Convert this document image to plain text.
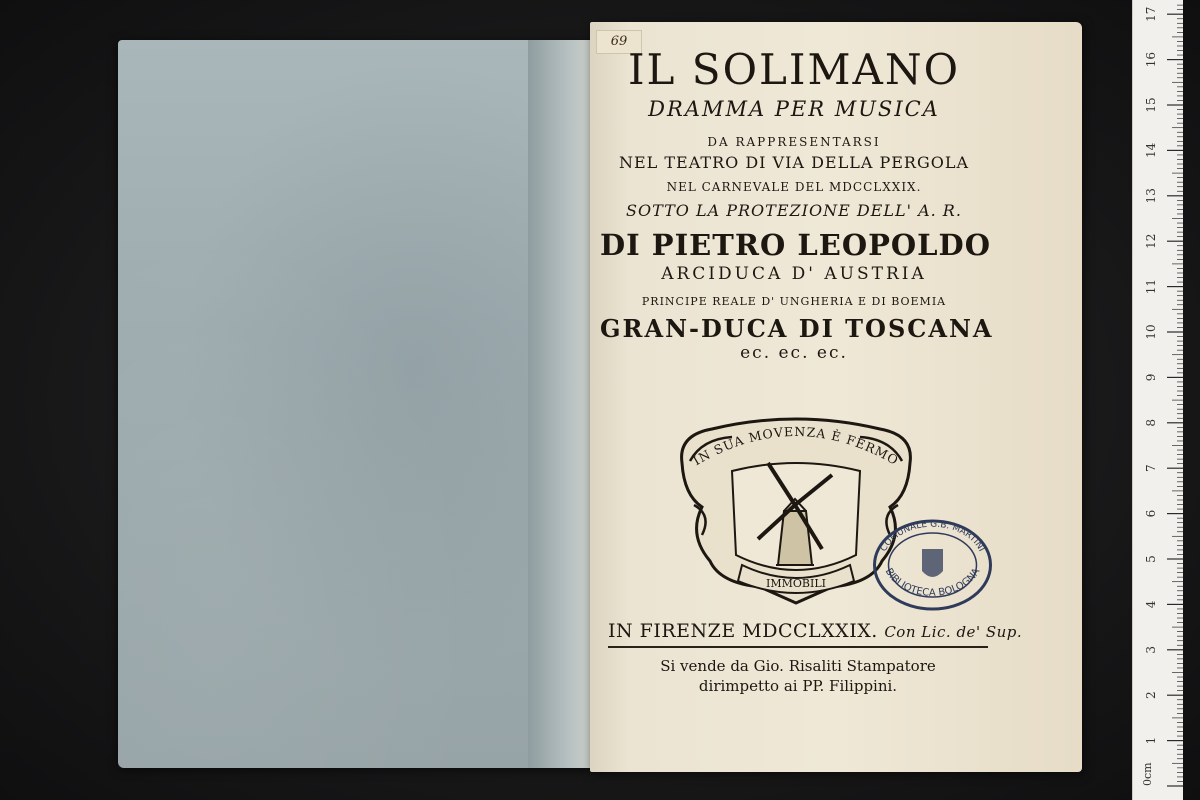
69
IL SOLIMANO
DRAMMA PER MUSICA
DA RAPPRESENTARSI
NEL TEATRO DI VIA DELLA PERGOLA
NEL CARNEVALE DEL MDCCLXXIX.
SOTTO LA PROTEZIONE DELL' A. R.
DI PIETRO LEOPOLDO
ARCIDUCA D' AUSTRIA
PRINCIPE REALE D' UNGHERIA E DI BOEMIA
GRAN-DUCA DI TOSCANA
ec. ec. ec.
IN SUA MOVENZA È FERMO
IMMOBILI
COMUNALE G.B. MARTINI
BIBLIOTECA BOLOGNA
IN FIRENZE MDCCLXXIX. Con Lic. de' Sup.
Si vende da Gio. Risaliti Stampatore
dirimpetto ai PP. Filippini.
0cm
1
2
3
4
5
6
7
8
9
10
11
12
13
14
15
16
17
